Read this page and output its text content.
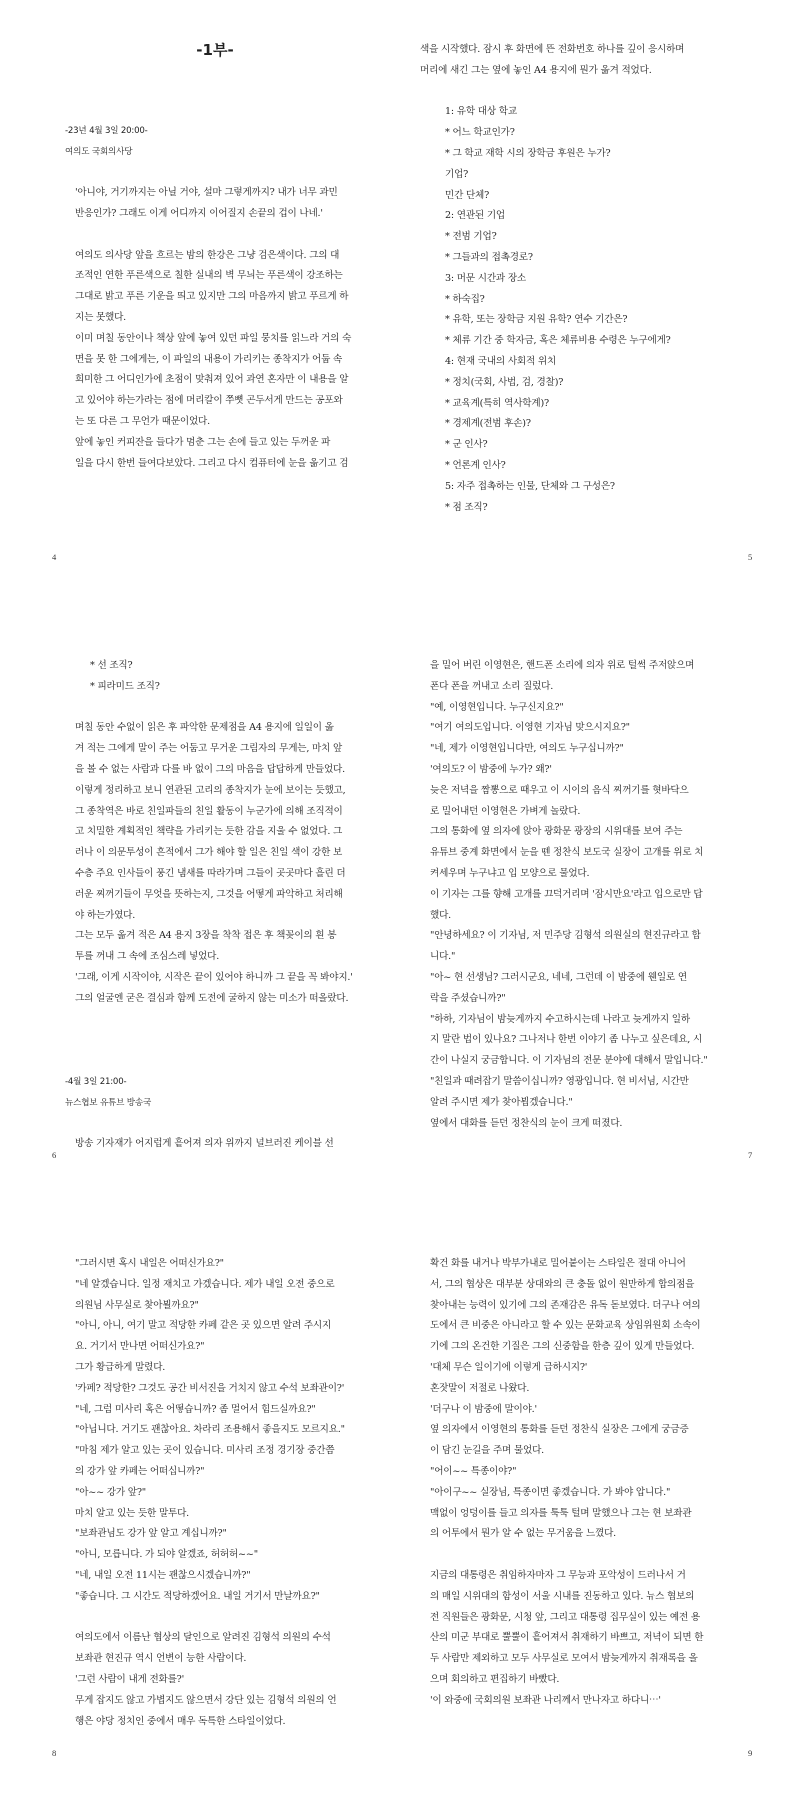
-1부-

-23년 4월 3일 20:00-

여의도 국회의사당

'아니야, 거기까지는 아닐 거야, 설마 그렇게까지? 내가 너무 과민

반응인가? 그래도 이게 어디까지 이어질지 손끝의 겁이 나네.'

여의도 의사당 앞을 흐르는 밤의 한강은 그냥 검은색이다. 그의 대

조적인 연한 푸른색으로 칠한 실내의 벽 무늬는 푸른색이 강조하는

그대로 밝고 푸른 기운을 띄고 있지만 그의 마음까지 밝고 푸르게 하

지는 못했다.

이미 며칠 동안이나 책상 앞에 놓여 있던 파일 뭉치를 읽느라 거의 숙

면을 못 한 그에게는, 이 파일의 내용이 가리키는 종착지가 어둡 속

희미한 그 어디인가에 초점이 맞춰져 있어 과연 혼자만 이 내용을 알

고 있어야 하는가라는 점에 머리칼이 쭈뼛 곤두서게 만드는 공포와

는 또 다른 그 무언가 때문이었다.

앞에 놓인 커피잔을 들다가 멈춘 그는 손에 들고 있는 두꺼운 파

일을 다시 한번 들여다보았다. 그리고 다시 컴퓨터에 눈을 옮기고 검

4

색을 시작했다. 잠시 후 화면에 뜬 전화번호 하나를 깊이 응시하며

머리에 새긴 그는 옆에 놓인 A4 용지에 뭔가 옮겨 적었다.

1: 유학 대상 학교

* 어느 학교인가?

* 그 학교 재학 시의 장학금 후원은 누가?

기업?

민간 단체?

2: 연관된 기업

* 전범 기업?

* 그들과의 접촉경로?

3: 머문 시간과 장소

* 하숙집?

* 유학, 또는 장학금 지원 유학? 연수 기간은?

* 체류 기간 중 학자금, 혹은 체류비용 수령은 누구에게?

4: 현재 국내의 사회적 위치

* 정치(국회, 사법, 검, 경찰)?

* 교육계(특히 역사학계)?

* 경제계(전범 후손)?

* 군 인사?

* 언론계 인사?

5: 자주 접촉하는 인물, 단체와 그 구성은?

* 점 조직?

5

* 선 조직?

* 피라미드 조직?

며칠 동안 수없이 읽은 후 파악한 문제점을 A4 용지에 일일이 옮

겨 적는 그에게 말이 주는 어둠고 무거운 그림자의 무게는, 마치 앞

을 볼 수 없는 사람과 다를 바 없이 그의 마음을 답답하게 만들었다.

이렇게 정리하고 보니 연관된 고리의 종착지가 눈에 보이는 듯했고,

그 종착역은 바로 친일파들의 친일 활동이 누군가에 의해 조직적이

고 치밀한 계획적인 책략을 가리키는 듯한 감을 지울 수 없었다. 그

러나 이 의문투성이 흔적에서 그가 해야 할 일은 친일 색이 강한 보

수층 주요 인사들이 풍긴 냄새를 따라가며 그들이 곳곳마다 흘린 더

러운 찌꺼기들이 무엇을 뜻하는지, 그것을 어떻게 파악하고 처리해

야 하는가였다.

그는 모두 옮겨 적은 A4 용지 3장을 착착 접은 후 책꽂이의 흰 봉

투를 꺼내 그 속에 조심스레 넣었다.

'그래, 이게 시작이야, 시작은 끝이 있어야 하니까 그 끝을 꼭 봐야지.'

그의 얼굴엔 굳은 결심과 함께 도전에 굴하지 않는 미소가 떠올랐다.

-4월 3일 21:00-

뉴스협보 유튜브 방송국

방송 기자재가 어지럽게 흩어져 의자 위까지 널브러진 케이블 선

6

을 밀어 버린 이영현은, 핸드폰 소리에 의자 위로 털썩 주저앉으며

폰다 폰을 꺼내고 소리 질렀다.

"예, 이영현입니다. 누구신지요?"

"여기 여의도입니다. 이영현 기자님 맞으시지요?"

"네, 제가 이영현입니다만, 여의도 누구십니까?"

'여의도? 이 밤중에 누가? 왜?'

늦은 저녁을 짬뽕으로 때우고 이 시이의 음식 찌꺼기를 혓바닥으

로 밀어내던 이영현은 가벼게 놀랐다.

그의 통화에 옆 의자에 앉아 광화문 광장의 시위대를 보여 주는

유튜브 중계 화면에서 눈을 뗀 정찬식 보도국 실장이 고개를 위로 치

켜세우며 누구냐고 입 모양으로 물었다.

이 기자는 그를 향해 고개를 끄덕거리며 '잠시만요'라고 입으로만 답

했다.

"안녕하세요? 이 기자님, 저 민주당 김형석 의원실의 현진규라고 합

니다."

"아~ 현 선생님? 그러시군요, 네네, 그런데 이 밤중에 웬일로 연

락을 주셨습니까?"

"하하, 기자님이 밤늦게까지 수고하시는데 나라고 늦게까지 일하

지 말란 법이 있나요? 그나저나 한번 이야기 좀 나누고 싶은데요, 시

간이 나실지 궁금합니다. 이 기자님의 전문 분야에 대해서 말입니다."

"친일과 때려잡기 말씀이십니까? 영광입니다. 현 비서님, 시간만

알려 주시면 제가 찾아뵙겠습니다."

옆에서 대화를 듣던 정찬식의 눈이 크게 떠졌다.

7

"그러시면 혹시 내일은 어떠신가요?"

"네 알겠습니다. 일정 재치고 가겠습니다. 제가 내일 오전 중으로

의원님 사무실로 찾아뵐까요?"

"아니, 아니, 여기 말고 적당한 카페 같은 곳 있으면 알려 주시지

요. 거기서 만나면 어떠신가요?"

그가 황급하게 말렸다.

'카페? 적당한? 그것도 공간 비서진을 거치지 않고 수석 보좌관이?'

"네, 그럼 미사리 혹은 어떻습니까? 좀 멀어서 힘드실까요?"

"아닙니다. 거기도 괜찮아요. 차라리 조용해서 좋을지도 모르지요."

"마침 제가 알고 있는 곳이 있습니다. 미사리 조정 경기장 중간쯤

의 강가 앞 카페는 어떠십니까?"

"아~~ 강가 앞?"

마치 알고 있는 듯한 말투다.

"보좌관님도 강가 앞 알고 계십니까?"

"아니, 모릅니다. 가 되야 알겠죠, 허허허~~"

"네, 내일 오전 11시는 괜찮으시겠습니까?"

"좋습니다. 그 시간도 적당하겠어요. 내일 거기서 만날까요?"

여의도에서 이름난 협상의 달인으로 알려진 김형석 의원의 수석

보좌관 현진규 역시 언변이 능한 사람이다.

'그런 사람이 내게 전화를?'

무게 잡지도 않고 가볍지도 않으면서 강단 있는 김형석 의원의 언

행은 야당 정치인 중에서 매우 독특한 스타일이었다.

8

확건 화를 내거나 박부가내로 밀어붙이는 스타일은 절대 아니어

서, 그의 협상은 대부분 상대와의 큰 충돌 없이 원만하게 합의점을

찾아내는 능력이 있기에 그의 존재감은 유독 돋보였다. 더구나 여의

도에서 큰 비중은 아니라고 할 수 있는 문화교육 상임위원회 소속이

기에 그의 온건한 기질은 그의 신중함을 한층 깊이 있게 만들었다.

'대체 무슨 일이기에 이렇게 급하시지?'

혼잣말이 저절로 나왔다.

'더구나 이 밤중에 말이야.'

옆 의자에서 이영현의 통화를 듣던 정찬식 실장은 그에게 궁금증

이 담긴 눈길을 주며 물었다.

"어이~~ 특종이야?"

"아이구~~ 실장님, 특종이면 좋겠습니다. 가 봐야 압니다."

맥없이 엉덩이를 들고 의자를 툭툭 털며 말했으나 그는 현 보좌관

의 어투에서 뭔가 알 수 없는 무거움을 느꼈다.

지금의 대통령은 취임하자마자 그 무능과 포악성이 드러나서 거

의 매일 시위대의 함성이 서울 시내를 진동하고 있다. 뉴스 협보의

전 직원들은 광화문, 시청 앞, 그리고 대통령 집무실이 있는 예전 용

산의 미군 부대로 뿔뿔이 흩어져서 취재하기 바쁘고, 저녁이 되면 한

두 사람만 제외하고 모두 사무실로 모여서 밤늦게까지 취재록을 올

으며 회의하고 편집하기 바빴다.

'이 와중에 국회의원 보좌관 나리께서 만나자고 하다니⋯'

9
